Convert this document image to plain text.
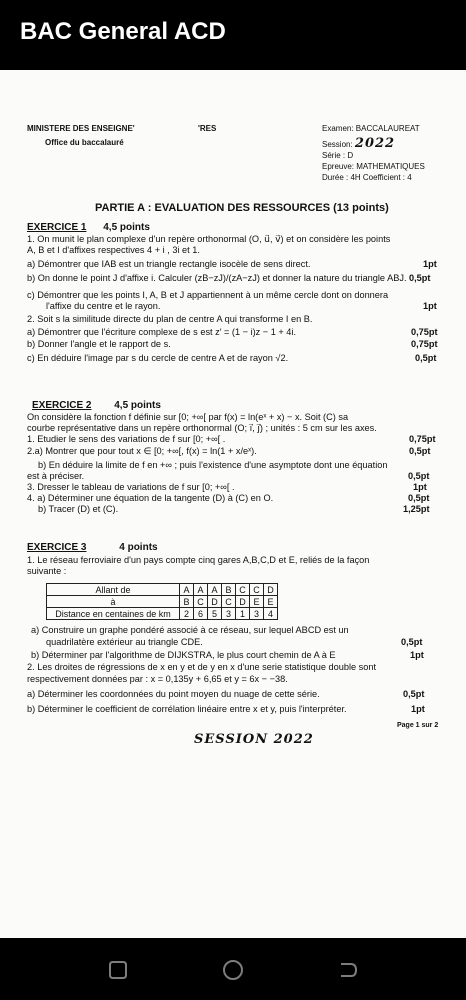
BAC General ACD
MINISTERE DES ENSEIGNE'	'RES
Office du baccalauré
Examen: BACCALAUREAT
Session: 2022
Série : D
Epreuve: MATHEMATIQUES
Durée : 4H Coefficient : 4
PARTIE A : EVALUATION DES RESSOURCES (13 points)
EXERCICE 1 4,5 points
1. On munit le plan complexe d'un repère orthonormal (O, u⃗, v⃗) et on considère les points
A, B et I d'affixes respectives 4 + i , 3i et 1.
a) Démontrer que IAB est un triangle rectangle isocèle de sens direct.	1pt
b) On donne le point J d'affixe i. Calculer (zB−zJ)/(zA−zJ) et donner la nature du triangle ABJ. 0,5pt
c) Démontrer que les points I, A, B et J appartiennent à un même cercle dont on donnera
l'affixe du centre et le rayon.	1pt
2. Soit s la similitude directe du plan de centre A qui transforme I en B.
a) Démontrer que l'écriture complexe de s est z′ = (1 − i)z − 1 + 4i.	0,75pt
b) Donner l'angle et le rapport de s.	0,75pt
c) En déduire l'image par s du cercle de centre A et de rayon √2.	0,5pt
EXERCICE 2 4,5 points
On considère la fonction f définie sur [0; +∞[ par f(x) = ln(eˣ + x) − x. Soit (C) sa
courbe représentative dans un repère orthonormal (O; i⃗, j⃗) ; unités : 5 cm sur les axes.
1. Etudier le sens des variations de f sur [0; +∞[ .	0,75pt
2.a) Montrer que pour tout x ∈ [0; +∞[, f(x) = ln(1 + x/eˣ).	0,5pt
b) En déduire la limite de f en +∞ ; puis l'existence d'une asymptote dont une équation
est à préciser.	0,5pt
3. Dresser le tableau de variations de f sur [0; +∞[ .	1pt
4. a) Déterminer une équation de la tangente (D) à (C) en O.	0,5pt
b) Tracer (D) et (C).	1,25pt
EXERCICE 3	4 points
1. Le réseau ferroviaire d'un pays compte cinq gares A,B,C,D et E, reliés de la façon
suivante :
Allant de	A	A	A	B	C	C	D
à	B	C	D	C	D	E	E
Distance en centaines de km	2	6	5	3	1	3	4
a) Construire un graphe pondéré associé à ce réseau, sur lequel ABCD est un
quadrilatère extérieur au triangle CDE.	0,5pt
b) Déterminer par l'algorithme de DIJKSTRA, le plus court chemin de A à E	1pt
2. Les droites de régressions de x en y et de y en x d'une serie statistique double sont
respectivement données par : x = 0,135y + 6,65 et y = 6x − −38.
a) Déterminer les coordonnées du point moyen du nuage de cette série.	0,5pt
b) Déterminer le coefficient de corrélation linéaire entre x et y, puis l'interpréter.	1pt
Page 1 sur 2
SESSION 2022
